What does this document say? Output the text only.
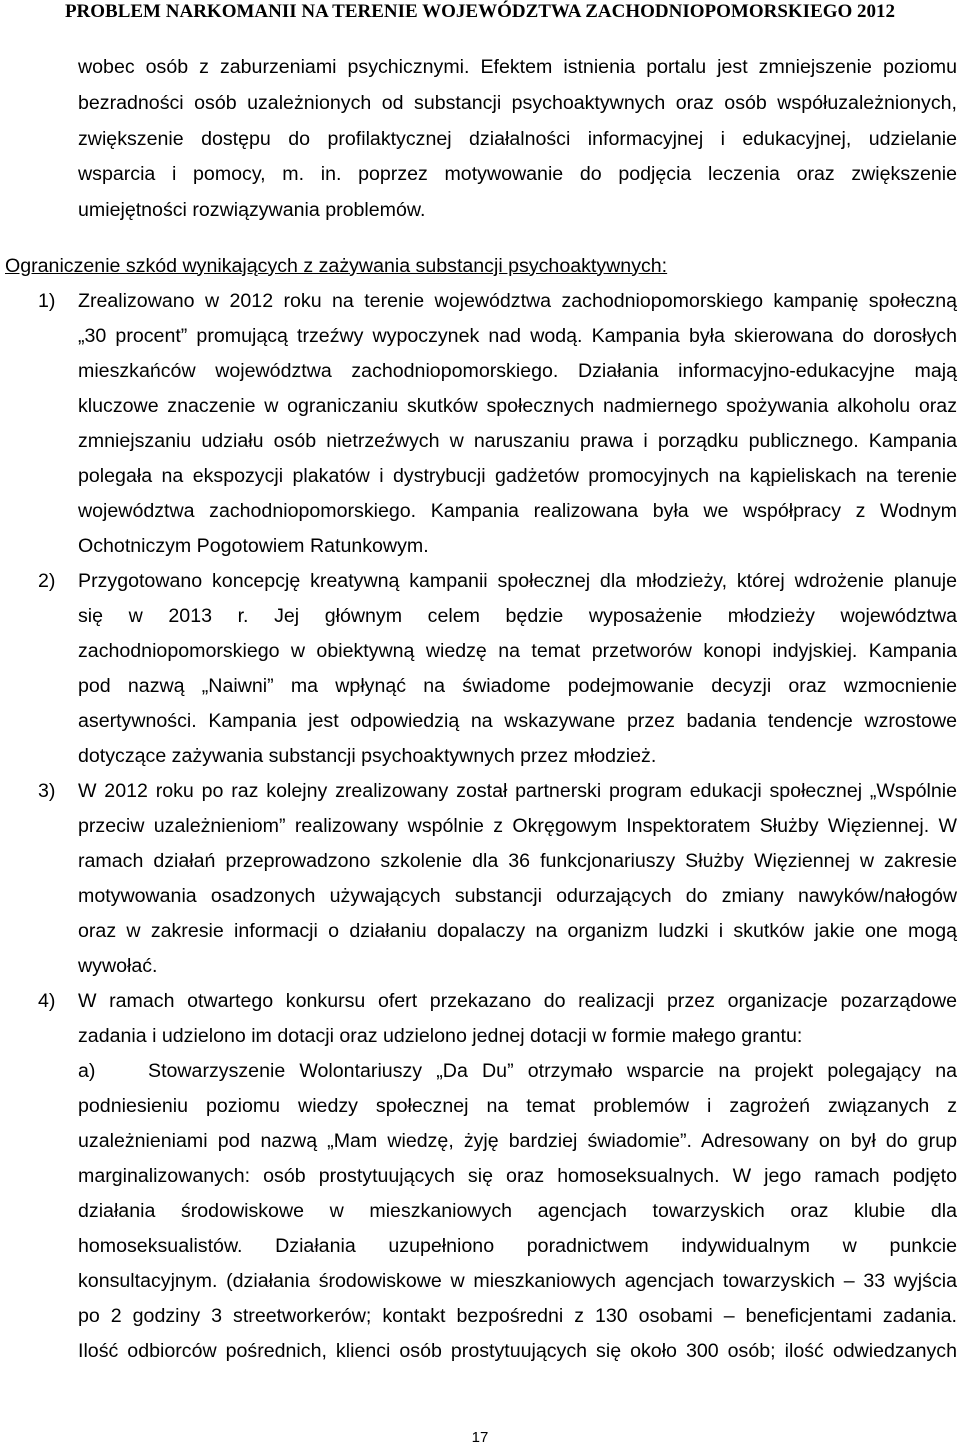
PROBLEM NARKOMANII NA TERENIE WOJEWÓDZTWA ZACHODNIOPOMORSKIEGO 2012
wobec osób z zaburzeniami psychicznymi. Efektem istnienia portalu jest zmniejszenie poziomu
bezradności osób uzależnionych od substancji psychoaktywnych oraz osób współuzależnionych,
zwiększenie dostępu do profilaktycznej działalności informacyjnej i edukacyjnej, udzielanie
wsparcia i pomocy, m. in. poprzez motywowanie do podjęcia leczenia oraz zwiększenie
umiejętności rozwiązywania problemów.
Ograniczenie szkód wynikających z zażywania substancji psychoaktywnych:
1) Zrealizowano w 2012 roku na terenie województwa zachodniopomorskiego kampanię społeczną
„30 procent” promującą trzeźwy wypoczynek nad wodą. Kampania była skierowana do dorosłych
mieszkańców województwa zachodniopomorskiego. Działania informacyjno-edukacyjne mają
kluczowe znaczenie w ograniczaniu skutków społecznych nadmiernego spożywania alkoholu oraz
zmniejszaniu udziału osób nietrzeźwych w naruszaniu prawa i porządku publicznego. Kampania
polegała na ekspozycji plakatów i dystrybucji gadżetów promocyjnych na kąpieliskach na terenie
województwa zachodniopomorskiego. Kampania realizowana była we współpracy z Wodnym
Ochotniczym Pogotowiem Ratunkowym.
2) Przygotowano koncepcję kreatywną kampanii społecznej dla młodzieży, której wdrożenie planuje
się w 2013 r. Jej głównym celem będzie wyposażenie młodzieży województwa
zachodniopomorskiego w obiektywną wiedzę na temat przetworów konopi indyjskiej. Kampania
pod nazwą „Naiwni” ma wpłynąć na świadome podejmowanie decyzji oraz wzmocnienie
asertywności. Kampania jest odpowiedzią na wskazywane przez badania tendencje wzrostowe
dotyczące zażywania substancji psychoaktywnych przez młodzież.
3) W 2012 roku po raz kolejny zrealizowany został partnerski program edukacji społecznej „Wspólnie
przeciw uzależnieniom” realizowany wspólnie z Okręgowym Inspektoratem Służby Więziennej. W
ramach działań przeprowadzono szkolenie dla 36 funkcjonariuszy Służby Więziennej w zakresie
motywowania osadzonych używających substancji odurzających do zmiany nawyków/nałogów
oraz w zakresie informacji o działaniu dopalaczy na organizm ludzki i skutków jakie one mogą
wywołać.
4) W ramach otwartego konkursu ofert przekazano do realizacji przez organizacje pozarządowe
zadania i udzielono im dotacji oraz udzielono jednej dotacji w formie małego grantu:
a)	Stowarzyszenie Wolontariuszy „Da Du” otrzymało wsparcie na projekt polegający na
podniesieniu poziomu wiedzy społecznej na temat problemów i zagrożeń związanych z
uzależnieniami pod nazwą „Mam wiedzę, żyję bardziej świadomie”. Adresowany on był do grup
marginalizowanych: osób prostytuujących się oraz homoseksualnych. W jego ramach podjęto
działania środowiskowe w mieszkaniowych agencjach towarzyskich oraz klubie dla
homoseksualistów. Działania uzupełniono poradnictwem indywidualnym w punkcie
konsultacyjnym. (działania środowiskowe w mieszkaniowych agencjach towarzyskich – 33 wyjścia
po 2 godziny 3 streetworkerów; kontakt bezpośredni z 130 osobami – beneficjentami zadania.
Ilość odbiorców pośrednich, klienci osób prostytuujących się około 300 osób; ilość odwiedzanych
17
